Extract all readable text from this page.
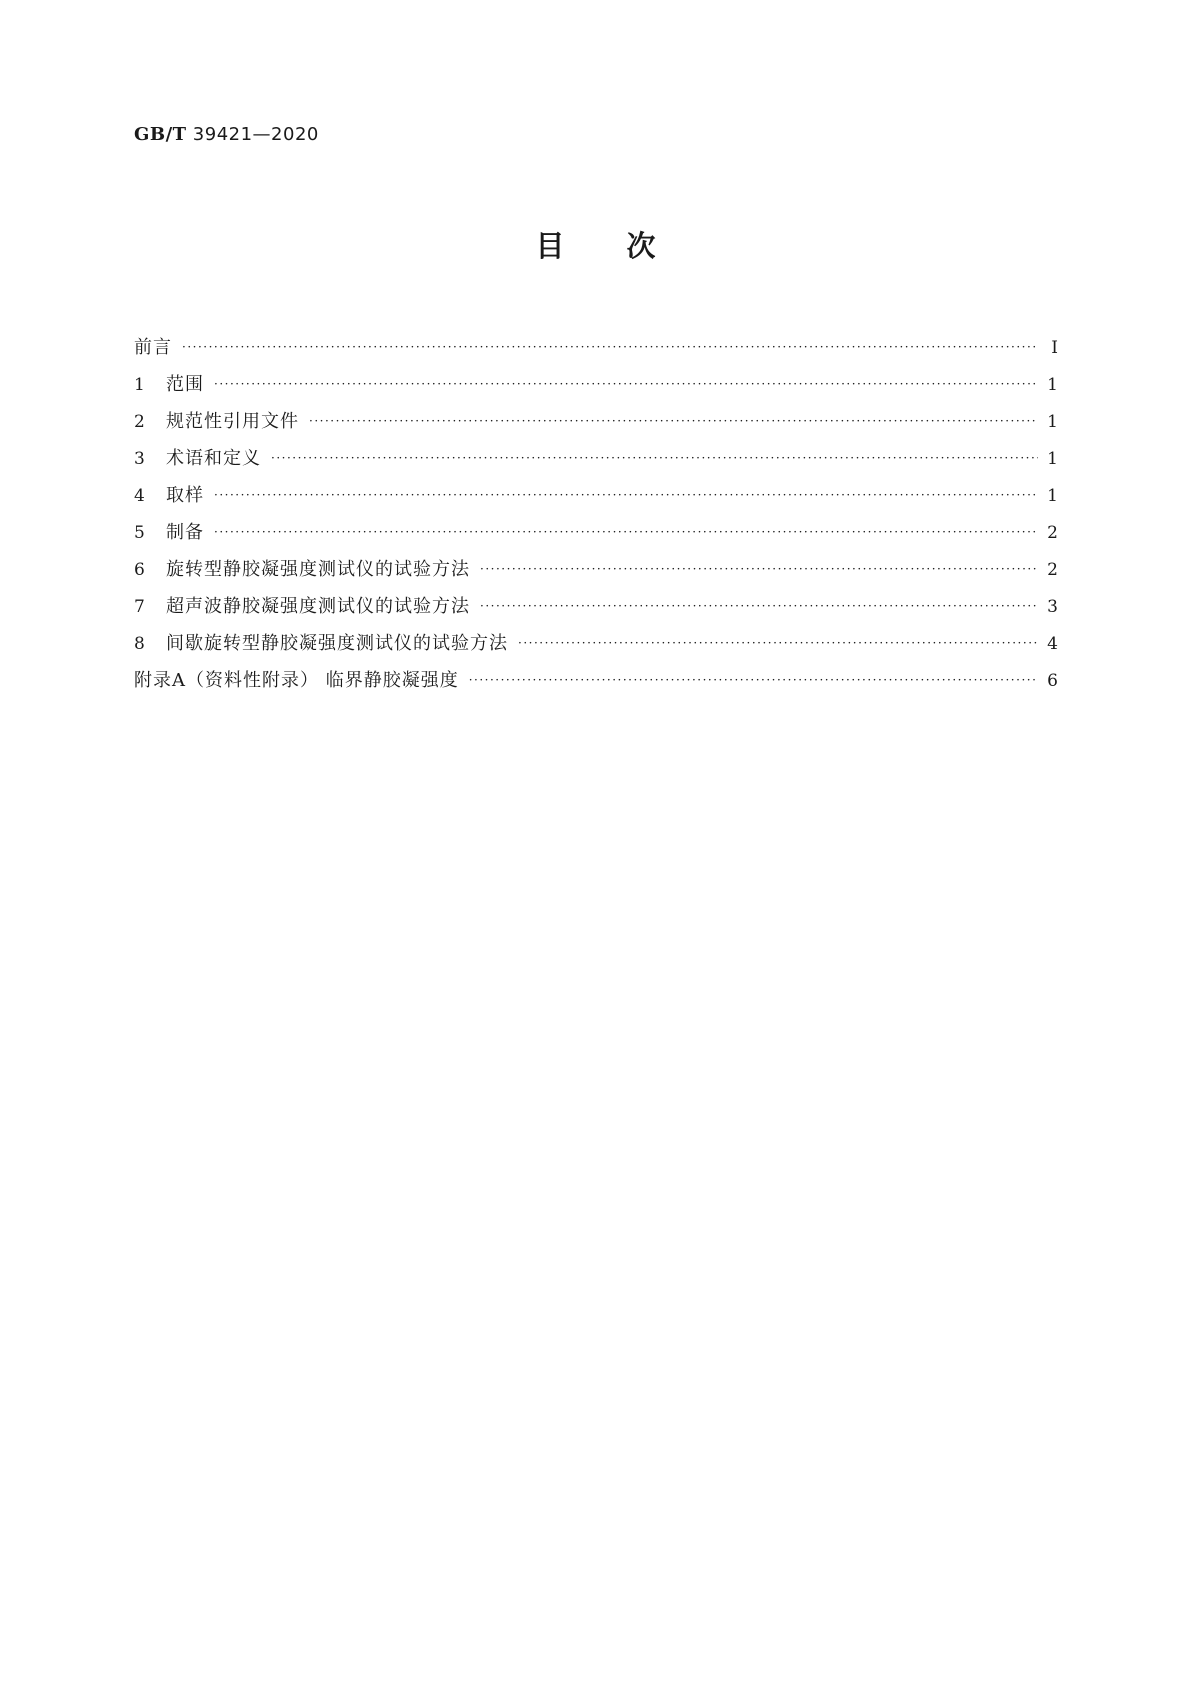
GB/T 39421—2020
目次
前言 ·····	Ⅰ
1	范围 ·····	1
2	规范性引用文件 ·····	1
3	术语和定义 ·····	1
4	取样 ·····	1
5	制备 ·····	2
6	旋转型静胶凝强度测试仪的试验方法 ·····	2
7	超声波静胶凝强度测试仪的试验方法 ·····	3
8	间歇旋转型静胶凝强度测试仪的试验方法 ·····	4
附录A（资料性附录） 临界静胶凝强度 ·····	6
